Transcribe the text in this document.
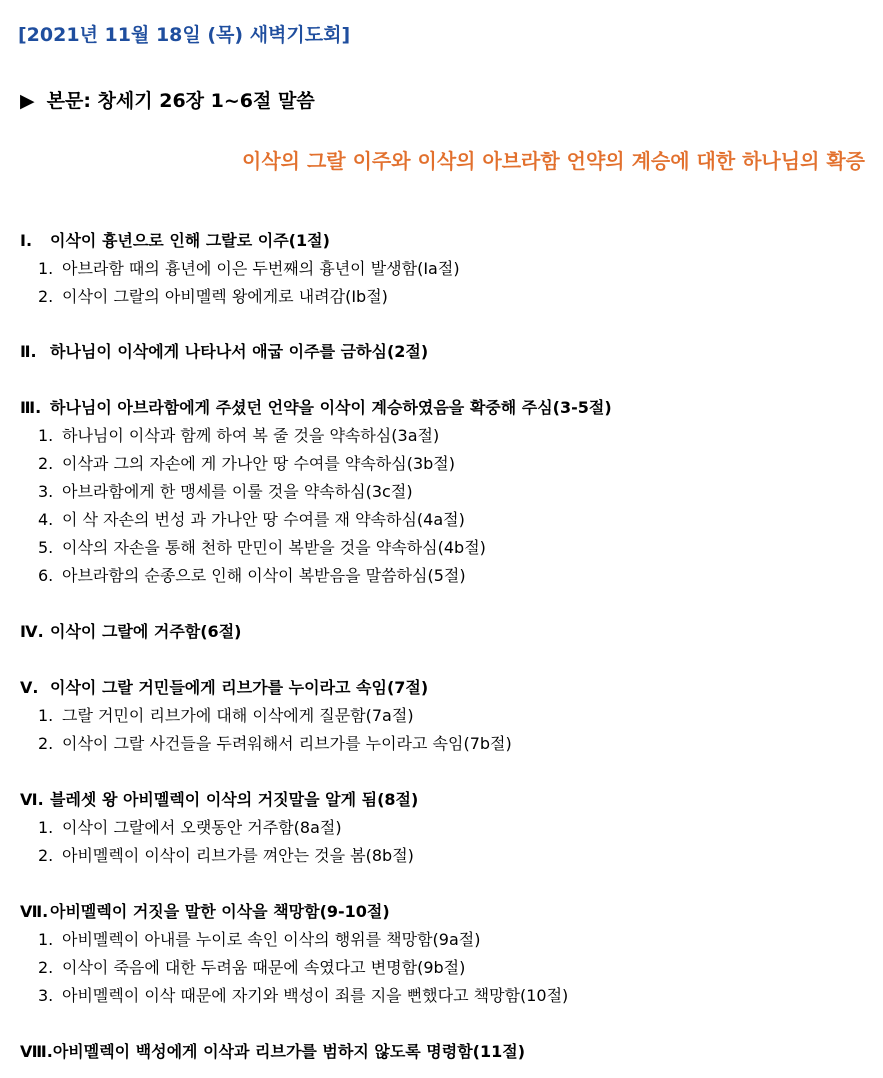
[2021년 11월 18일 (목) 새벽기도회]
▶ 본문: 창세기 26장 1~6절 말씀
이삭의 그랄 이주와 이삭의 아브라함 언약의 계승에 대한 하나님의 확증
Ⅰ. 이삭이 흉년으로 인해 그랄로 이주(1절)
1. 아브라함 때의 흉년에 이은 두번째의 흉년이 발생함(Ia절)
2. 이삭이 그랄의 아비멜렉 왕에게로 내려감(Ib절)
Ⅱ. 하나님이 이삭에게 나타나서 애굽 이주를 금하심(2절)
Ⅲ. 하나님이 아브라함에게 주셨던 언약을 이삭이 계승하였음을 확중해 주심(3-5절)
1. 하나님이 이삭과 함께 하여 복 줄 것을 약속하심(3a절)
2. 이삭과 그의 자손에 게 가나안 땅 수여를 약속하심(3b절)
3. 아브라함에게 한 맹세를 이룰 것을 약속하심(3c절)
4. 이 삭 자손의 번성 과 가나안 땅 수여를 재 약속하심(4a절)
5. 이삭의 자손을 통해 천하 만민이 복받을 것을 약속하심(4b절)
6. 아브라함의 순종으로 인해 이삭이 복받음을 말씀하심(5절)
Ⅳ. 이삭이 그랄에 거주함(6절)
Ⅴ. 이삭이 그랄 거민들에게 리브가를 누이라고 속임(7절)
1. 그랄 거민이 리브가에 대해 이삭에게 질문함(7a절)
2. 이삭이 그랄 사건들을 두려워해서 리브가를 누이라고 속임(7b절)
Ⅵ. 블레셋 왕 아비멜렉이 이삭의 거짓말을 알게 됨(8절)
1. 이삭이 그랄에서 오랫동안 거주함(8a절)
2. 아비멜렉이 이삭이 리브가를 껴안는 것을 봄(8b절)
Ⅶ. 아비멜렉이 거짓을 말한 이삭을 책망함(9-10절)
1. 아비멜렉이 아내를 누이로 속인 이삭의 행위를 책망함(9a절)
2. 이삭이 죽음에 대한 두려움 때문에 속였다고 변명함(9b절)
3. 아비멜렉이 이삭 때문에 자기와 백성이 죄를 지을 뻔했다고 책망함(10절)
Ⅷ.아비멜렉이 백성에게 이삭과 리브가를 범하지 않도록 명령함(11절)
